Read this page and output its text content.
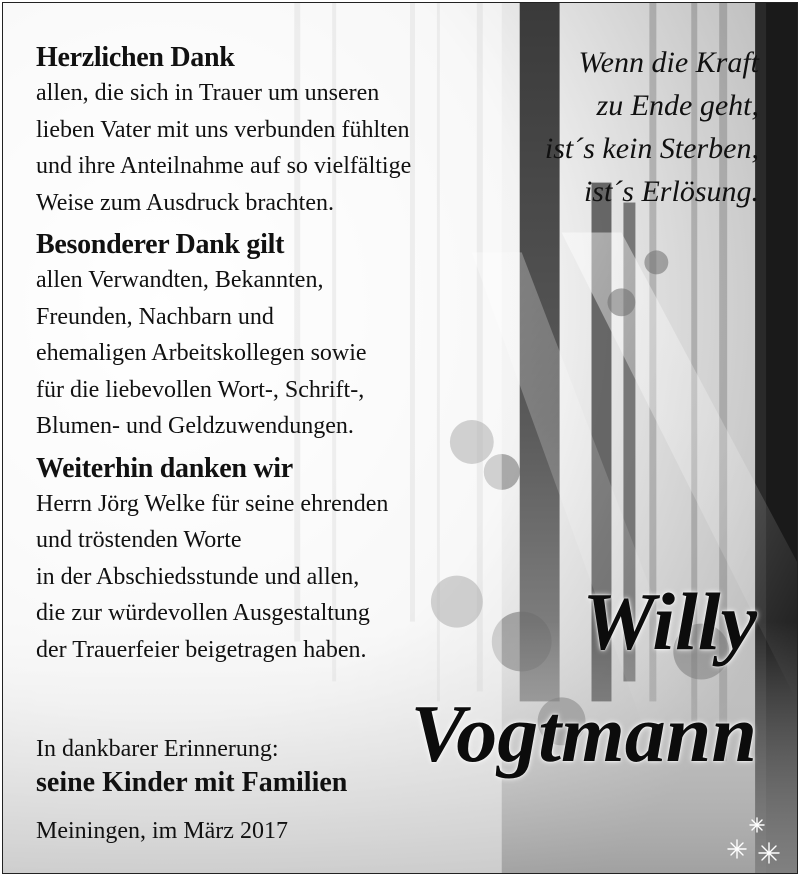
Herzlichen Dank
allen, die sich in Trauer um unseren
lieben Vater mit uns verbunden fühlten
und ihre Anteilnahme auf so vielfältige
Weise zum Ausdruck brachten.
Besonderer Dank gilt
allen Verwandten, Bekannten,
Freunden, Nachbarn und
ehemaligen Arbeitskollegen sowie
für die liebevollen Wort-, Schrift-,
Blumen- und Geldzuwendungen.
Weiterhin danken wir
Herrn Jörg Welke für seine ehrenden
und tröstenden Worte
in der Abschiedsstunde und allen,
die zur würdevollen Ausgestaltung
der Trauerfeier beigetragen haben.
Wenn die Kraft
zu Ende geht,
ist´s kein Sterben,
ist´s Erlösung.
Willy
Vogtmann
In dankbarer Erinnerung:
seine Kinder mit Familien
Meiningen, im März 2017
